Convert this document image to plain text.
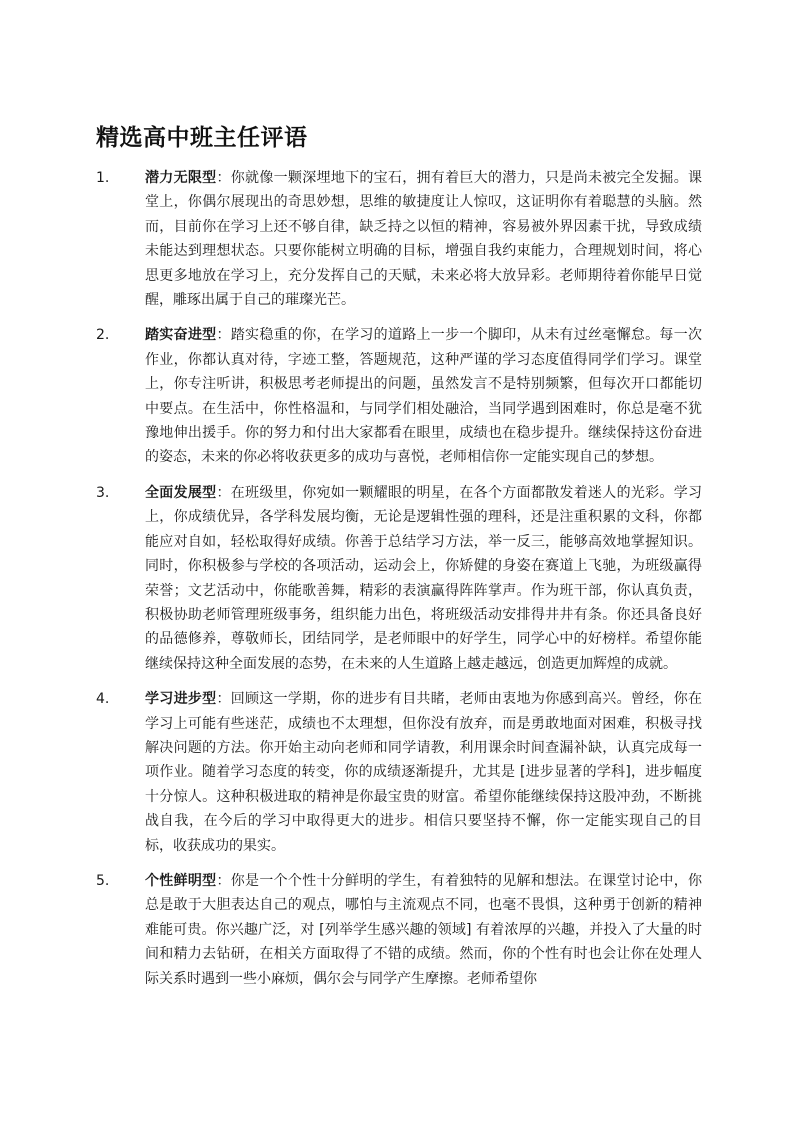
精选高中班主任评语
1.	潜力无限型：你就像一颗深埋地下的宝石，拥有着巨大的潜力，只是尚未被完全发掘。课堂上，你偶尔展现出的奇思妙想，思维的敏捷度让人惊叹，这证明你有着聪慧的头脑。然而，目前你在学习上还不够自律，缺乏持之以恒的精神，容易被外界因素干扰，导致成绩未能达到理想状态。只要你能树立明确的目标，增强自我约束能力，合理规划时间，将心思更多地放在学习上，充分发挥自己的天赋，未来必将大放异彩。老师期待着你能早日觉醒，雕琢出属于自己的璀璨光芒。
2.	踏实奋进型：踏实稳重的你，在学习的道路上一步一个脚印，从未有过丝毫懈怠。每一次作业，你都认真对待，字迹工整，答题规范，这种严谨的学习态度值得同学们学习。课堂上，你专注听讲，积极思考老师提出的问题，虽然发言不是特别频繁，但每次开口都能切中要点。在生活中，你性格温和，与同学们相处融洽，当同学遇到困难时，你总是毫不犹豫地伸出援手。你的努力和付出大家都看在眼里，成绩也在稳步提升。继续保持这份奋进的姿态，未来的你必将收获更多的成功与喜悦，老师相信你一定能实现自己的梦想。
3.	全面发展型：在班级里，你宛如一颗耀眼的明星，在各个方面都散发着迷人的光彩。学习上，你成绩优异，各学科发展均衡，无论是逻辑性强的理科，还是注重积累的文科，你都能应对自如，轻松取得好成绩。你善于总结学习方法，举一反三，能够高效地掌握知识。同时，你积极参与学校的各项活动，运动会上，你矫健的身姿在赛道上飞驰，为班级赢得荣誉；文艺活动中，你能歌善舞，精彩的表演赢得阵阵掌声。作为班干部，你认真负责，积极协助老师管理班级事务，组织能力出色，将班级活动安排得井井有条。你还具备良好的品德修养，尊敬师长，团结同学，是老师眼中的好学生，同学心中的好榜样。希望你能继续保持这种全面发展的态势，在未来的人生道路上越走越远，创造更加辉煌的成就。
4.	学习进步型：回顾这一学期，你的进步有目共睹，老师由衷地为你感到高兴。曾经，你在学习上可能有些迷茫，成绩也不太理想，但你没有放弃，而是勇敢地面对困难，积极寻找解决问题的方法。你开始主动向老师和同学请教，利用课余时间查漏补缺，认真完成每一项作业。随着学习态度的转变，你的成绩逐渐提升，尤其是 [进步显著的学科]，进步幅度十分惊人。这种积极进取的精神是你最宝贵的财富。希望你能继续保持这股冲劲，不断挑战自我，在今后的学习中取得更大的进步。相信只要坚持不懈，你一定能实现自己的目标，收获成功的果实。
5.	个性鲜明型：你是一个个性十分鲜明的学生，有着独特的见解和想法。在课堂讨论中，你总是敢于大胆表达自己的观点，哪怕与主流观点不同，也毫不畏惧，这种勇于创新的精神难能可贵。你兴趣广泛，对 [列举学生感兴趣的领域] 有着浓厚的兴趣，并投入了大量的时间和精力去钻研，在相关方面取得了不错的成绩。然而，你的个性有时也会让你在处理人际关系时遇到一些小麻烦，偶尔会与同学产生摩擦。老师希望你
